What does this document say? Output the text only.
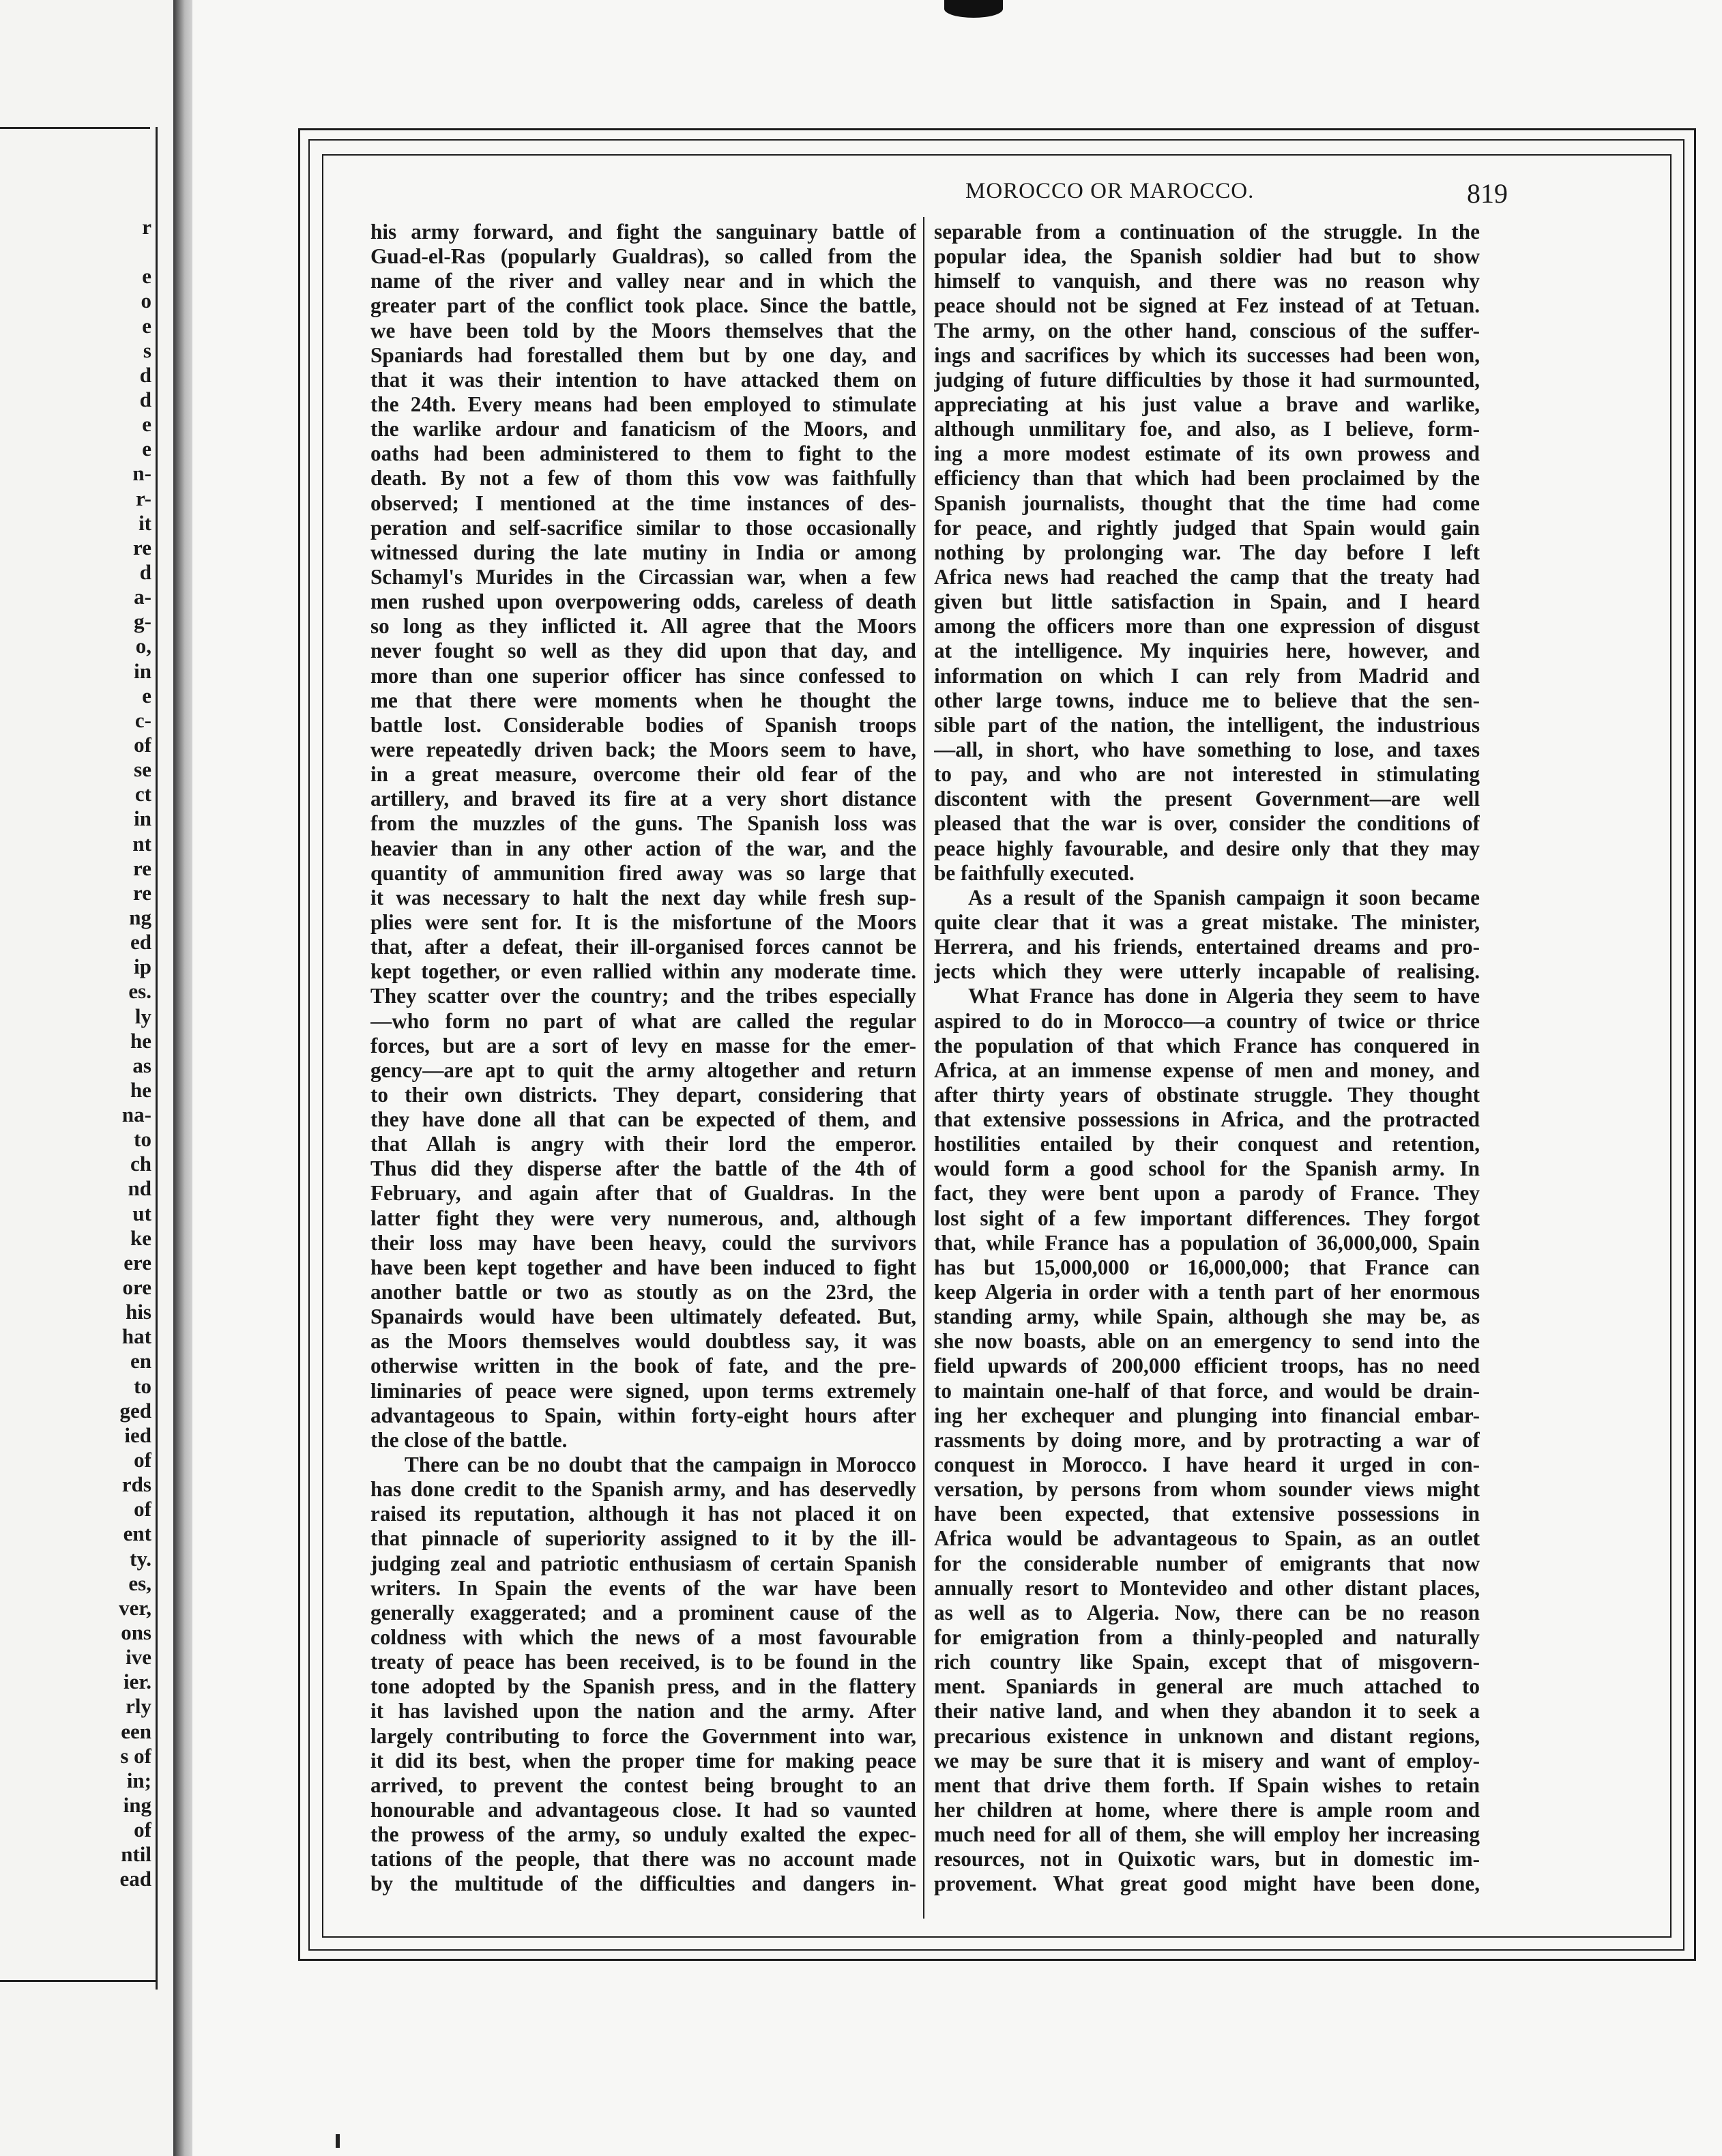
r
e
o
e
s
d
d
e
e
n-
r-
it
re
d
a-
g-
o,
in
e
c-
of
se
ct
in
nt
re
re
ng
ed
ip
es.
ly
he
as
he
na-
to
ch
nd
ut
ke
ere
ore
his
hat
en
to
ged
ied
of
rds
of
ent
ty.
es,
ver,
ons
ive
ier.
rly
een
s of
in;
ing
of
ntil
ead
MOROCCO OR MAROCCO.	819
his army forward, and fight the sanguinary battle of
Guad-el-Ras (popularly Gualdras), so called from the
name of the river and valley near and in which the
greater part of the conflict took place. Since the battle,
we have been told by the Moors themselves that the
Spaniards had forestalled them but by one day, and
that it was their intention to have attacked them on
the 24th. Every means had been employed to stimulate
the warlike ardour and fanaticism of the Moors, and
oaths had been administered to them to fight to the
death. By not a few of thom this vow was faithfully
observed; I mentioned at the time instances of des-
peration and self-sacrifice similar to those occasionally
witnessed during the late mutiny in India or among
Schamyl's Murides in the Circassian war, when a few
men rushed upon overpowering odds, careless of death
so long as they inflicted it. All agree that the Moors
never fought so well as they did upon that day, and
more than one superior officer has since confessed to
me that there were moments when he thought the
battle lost. Considerable bodies of Spanish troops
were repeatedly driven back; the Moors seem to have,
in a great measure, overcome their old fear of the
artillery, and braved its fire at a very short distance
from the muzzles of the guns. The Spanish loss was
heavier than in any other action of the war, and the
quantity of ammunition fired away was so large that
it was necessary to halt the next day while fresh sup-
plies were sent for. It is the misfortune of the Moors
that, after a defeat, their ill-organised forces cannot be
kept together, or even rallied within any moderate time.
They scatter over the country; and the tribes especially
—who form no part of what are called the regular
forces, but are a sort of levy en masse for the emer-
gency—are apt to quit the army altogether and return
to their own districts. They depart, considering that
they have done all that can be expected of them, and
that Allah is angry with their lord the emperor.
Thus did they disperse after the battle of the 4th of
February, and again after that of Gualdras. In the
latter fight they were very numerous, and, although
their loss may have been heavy, could the survivors
have been kept together and have been induced to fight
another battle or two as stoutly as on the 23rd, the
Spanairds would have been ultimately defeated. But,
as the Moors themselves would doubtless say, it was
otherwise written in the book of fate, and the pre-
liminaries of peace were signed, upon terms extremely
advantageous to Spain, within forty-eight hours after
the close of the battle.
There can be no doubt that the campaign in Morocco
has done credit to the Spanish army, and has deservedly
raised its reputation, although it has not placed it on
that pinnacle of superiority assigned to it by the ill-
judging zeal and patriotic enthusiasm of certain Spanish
writers. In Spain the events of the war have been
generally exaggerated; and a prominent cause of the
coldness with which the news of a most favourable
treaty of peace has been received, is to be found in the
tone adopted by the Spanish press, and in the flattery
it has lavished upon the nation and the army. After
largely contributing to force the Government into war,
it did its best, when the proper time for making peace
arrived, to prevent the contest being brought to an
honourable and advantageous close. It had so vaunted
the prowess of the army, so unduly exalted the expec-
tations of the people, that there was no account made
by the multitude of the difficulties and dangers in-
separable from a continuation of the struggle. In the
popular idea, the Spanish soldier had but to show
himself to vanquish, and there was no reason why
peace should not be signed at Fez instead of at Tetuan.
The army, on the other hand, conscious of the suffer-
ings and sacrifices by which its successes had been won,
judging of future difficulties by those it had surmounted,
appreciating at his just value a brave and warlike,
although unmilitary foe, and also, as I believe, form-
ing a more modest estimate of its own prowess and
efficiency than that which had been proclaimed by the
Spanish journalists, thought that the time had come
for peace, and rightly judged that Spain would gain
nothing by prolonging war. The day before I left
Africa news had reached the camp that the treaty had
given but little satisfaction in Spain, and I heard
among the officers more than one expression of disgust
at the intelligence. My inquiries here, however, and
information on which I can rely from Madrid and
other large towns, induce me to believe that the sen-
sible part of the nation, the intelligent, the industrious
—all, in short, who have something to lose, and taxes
to pay, and who are not interested in stimulating
discontent with the present Government—are well
pleased that the war is over, consider the conditions of
peace highly favourable, and desire only that they may
be faithfully executed.
As a result of the Spanish campaign it soon became
quite clear that it was a great mistake. The minister,
Herrera, and his friends, entertained dreams and pro-
jects which they were utterly incapable of realising.
What France has done in Algeria they seem to have
aspired to do in Morocco—a country of twice or thrice
the population of that which France has conquered in
Africa, at an immense expense of men and money, and
after thirty years of obstinate struggle. They thought
that extensive possessions in Africa, and the protracted
hostilities entailed by their conquest and retention,
would form a good school for the Spanish army. In
fact, they were bent upon a parody of France. They
lost sight of a few important differences. They forgot
that, while France has a population of 36,000,000, Spain
has but 15,000,000 or 16,000,000; that France can
keep Algeria in order with a tenth part of her enormous
standing army, while Spain, although she may be, as
she now boasts, able on an emergency to send into the
field upwards of 200,000 efficient troops, has no need
to maintain one-half of that force, and would be drain-
ing her exchequer and plunging into financial embar-
rassments by doing more, and by protracting a war of
conquest in Morocco. I have heard it urged in con-
versation, by persons from whom sounder views might
have been expected, that extensive possessions in
Africa would be advantageous to Spain, as an outlet
for the considerable number of emigrants that now
annually resort to Montevideo and other distant places,
as well as to Algeria. Now, there can be no reason
for emigration from a thinly-peopled and naturally
rich country like Spain, except that of misgovern-
ment. Spaniards in general are much attached to
their native land, and when they abandon it to seek a
precarious existence in unknown and distant regions,
we may be sure that it is misery and want of employ-
ment that drive them forth. If Spain wishes to retain
her children at home, where there is ample room and
much need for all of them, she will employ her increasing
resources, not in Quixotic wars, but in domestic im-
provement. What great good might have been done,
